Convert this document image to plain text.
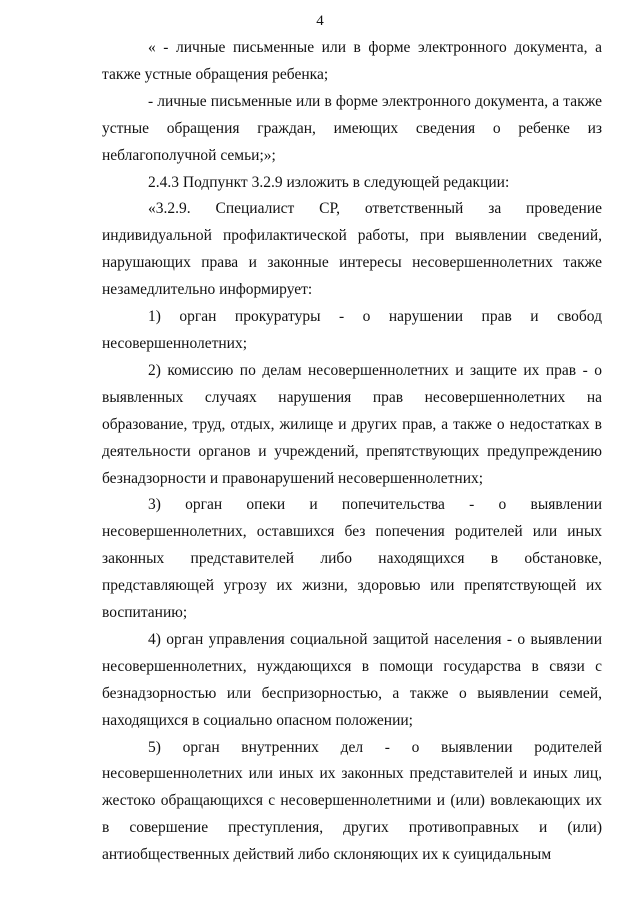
4

« - личные письменные или в форме электронного документа, а также устные обращения ребенка;

- личные письменные или в форме электронного документа, а также устные обращения граждан, имеющих сведения о ребенке из неблагополучной семьи;»;

2.4.3 Подпункт 3.2.9 изложить в следующей редакции:

«3.2.9. Специалист СР, ответственный за проведение индивидуальной профилактической работы, при выявлении сведений, нарушающих права и законные интересы несовершеннолетних также незамедлительно информирует:

1) орган прокуратуры - о нарушении прав и свобод несовершеннолетних;

2) комиссию по делам несовершеннолетних и защите их прав - о выявленных случаях нарушения прав несовершеннолетних на образование, труд, отдых, жилище и других прав, а также о недостатках в деятельности органов и учреждений, препятствующих предупреждению безнадзорности и правонарушений несовершеннолетних;

3) орган опеки и попечительства - о выявлении несовершеннолетних, оставшихся без попечения родителей или иных законных представителей либо находящихся в обстановке, представляющей угрозу их жизни, здоровью или препятствующей их воспитанию;

4) орган управления социальной защитой населения - о выявлении несовершеннолетних, нуждающихся в помощи государства в связи с безнадзорностью или беспризорностью, а также о выявлении семей, находящихся в социально опасном положении;

5) орган внутренних дел - о выявлении родителей несовершеннолетних или иных их законных представителей и иных лиц, жестоко обращающихся с несовершеннолетними и (или) вовлекающих их в совершение преступления, других противоправных и (или) антиобщественных действий либо склоняющих их к суицидальным
